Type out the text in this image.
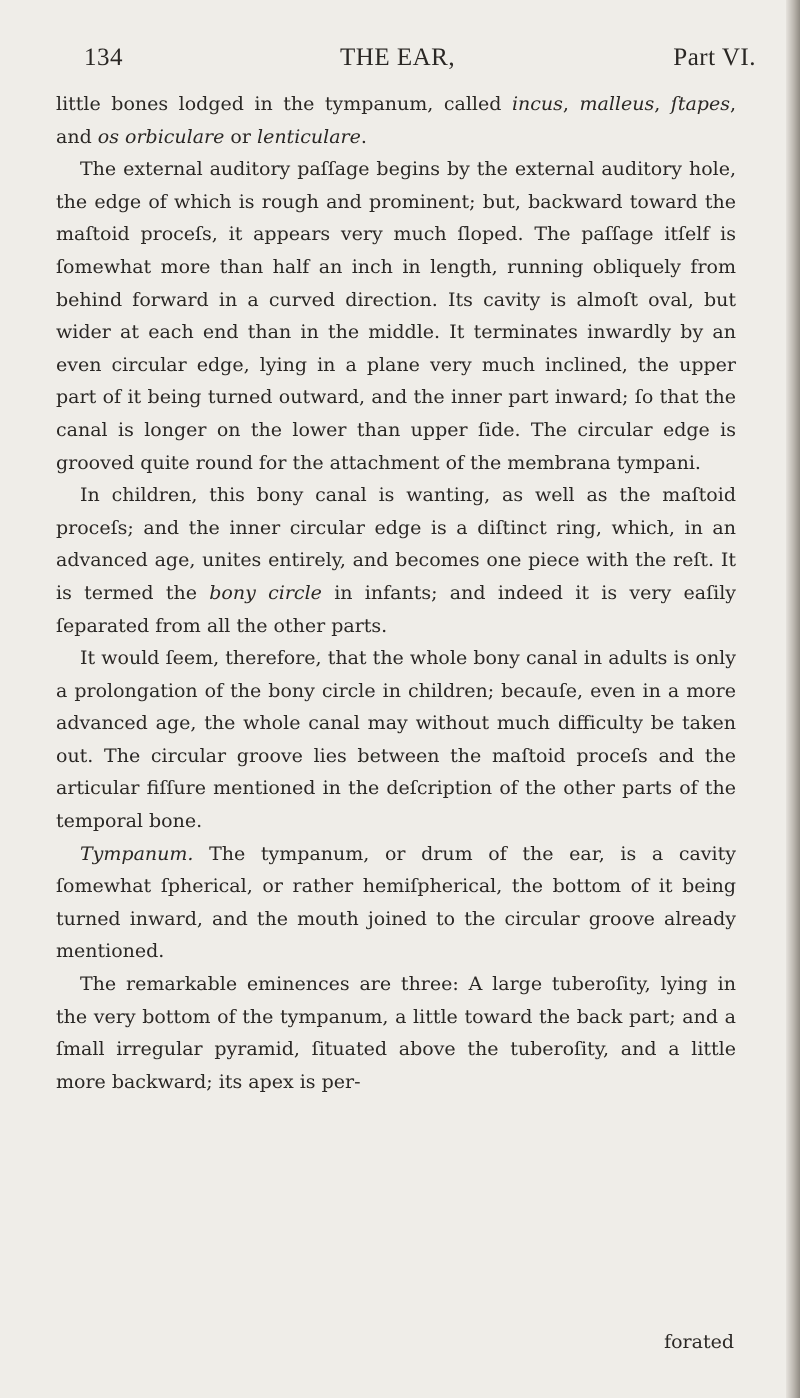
134	THE EAR,	Part VI.

little bones lodged in the tympanum, called incus, malleus, ſtapes, and os orbiculare or lenticulare.

The external auditory paſſage begins by the external auditory hole, the edge of which is rough and prominent; but, backward toward the maſtoid proceſs, it appears very much ſloped. The paſſage itſelf is ſomewhat more than half an inch in length, running obliquely from behind forward in a curved direction. Its cavity is almoſt oval, but wider at each end than in the middle. It terminates inwardly by an even circular edge, lying in a plane very much inclined, the upper part of it being turned outward, and the inner part inward; ſo that the canal is longer on the lower than upper ſide. The circular edge is grooved quite round for the attachment of the membrana tympani.

In children, this bony canal is wanting, as well as the maſtoid proceſs; and the inner circular edge is a diſtinct ring, which, in an advanced age, unites entirely, and becomes one piece with the reſt. It is termed the bony circle in infants; and indeed it is very eaſily ſeparated from all the other parts.

It would ſeem, therefore, that the whole bony canal in adults is only a prolongation of the bony circle in children; becauſe, even in a more advanced age, the whole canal may without much difficulty be taken out. The circular groove lies between the maſtoid proceſs and the articular fiſſure mentioned in the deſcription of the other parts of the temporal bone.

Tympanum. The tympanum, or drum of the ear, is a cavity ſomewhat ſpherical, or rather hemiſpherical, the bottom of it being turned inward, and the mouth joined to the circular groove already mentioned.

The remarkable eminences are three: A large tuberoſity, lying in the very bottom of the tympanum, a little toward the back part; and a ſmall irregular pyramid, ſituated above the tuberoſity, and a little more backward; its apex is per-

forated
